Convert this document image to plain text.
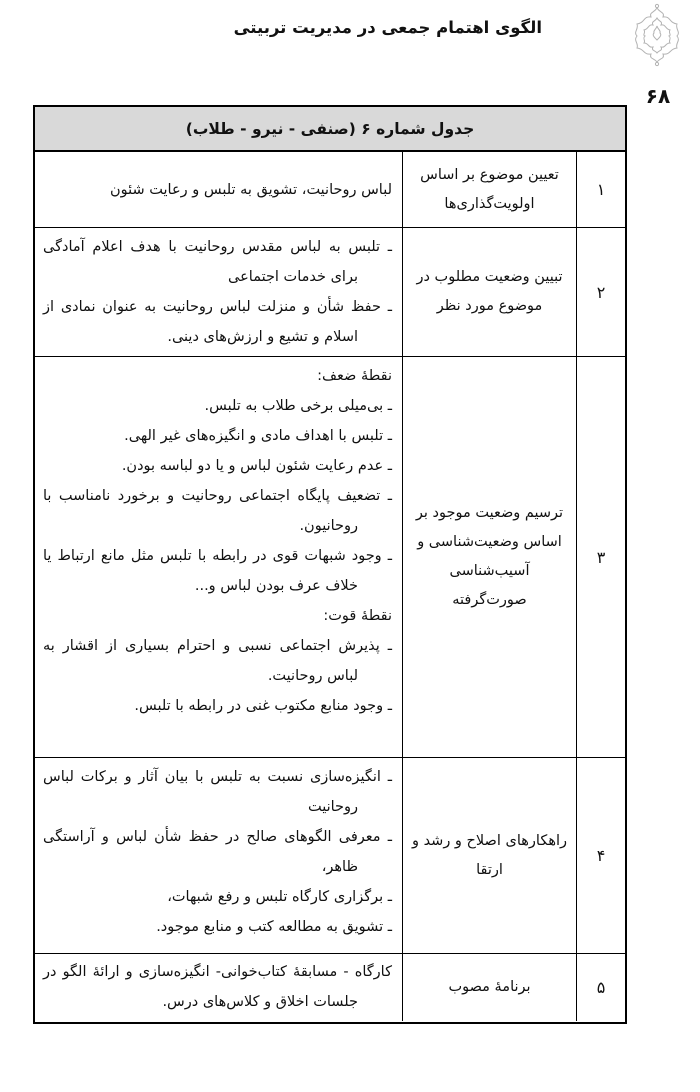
الگوی اهتمام جمعی در مدیریت تربیتی
۶۸
جدول شماره ۶ (صنفی - نیرو - طلاب)
۱
تعیین موضوع بر اساس اولویت‌گذاری‌ها
لباس روحانیت، تشویق به تلبس و رعایت شئون
۲
تبیین وضعیت مطلوب در موضوع مورد نظر
ـ تلبس به لباس مقدس روحانیت با هدف اعلام آمادگی برای خدمات اجتماعی
ـ حفظ شأن و منزلت لباس روحانیت به عنوان نمادی از اسلام و تشیع و ارزش‌های دینی.
۳
ترسیم وضعیت موجود بر اساس وضعیت‌شناسی و آسیب‌شناسی صورت‌گرفته
نقطهٔ ضعف:
ـ بی‌میلی برخی طلاب به تلبس.
ـ تلبس با اهداف مادی و انگیزه‌های غیر الهی.
ـ عدم رعایت شئون لباس و یا دو لباسه بودن.
ـ تضعیف پایگاه اجتماعی روحانیت و برخورد نامناسب با روحانیون.
ـ وجود شبهات قوی در رابطه با تلبس مثل مانع ارتباط یا خلاف عرف بودن لباس و...
نقطهٔ قوت:
ـ پذیرش اجتماعی نسبی و احترام بسیاری از اقشار به لباس روحانیت.
ـ وجود منابع مکتوب غنی در رابطه با تلبس.
۴
راهکارهای اصلاح و رشد و ارتقا
ـ انگیزه‌سازی نسبت به تلبس با بیان آثار و برکات لباس روحانیت
ـ معرفی الگوهای صالح در حفظ شأن لباس و آراستگی ظاهر،
ـ برگزاری کارگاه تلبس و رفع شبهات،
ـ تشویق به مطالعه کتب و منابع موجود.
۵
برنامهٔ مصوب
کارگاه - مسابقهٔ کتاب‌خوانی- انگیزه‌سازی و ارائهٔ الگو در جلسات اخلاق و کلاس‌های درس.
